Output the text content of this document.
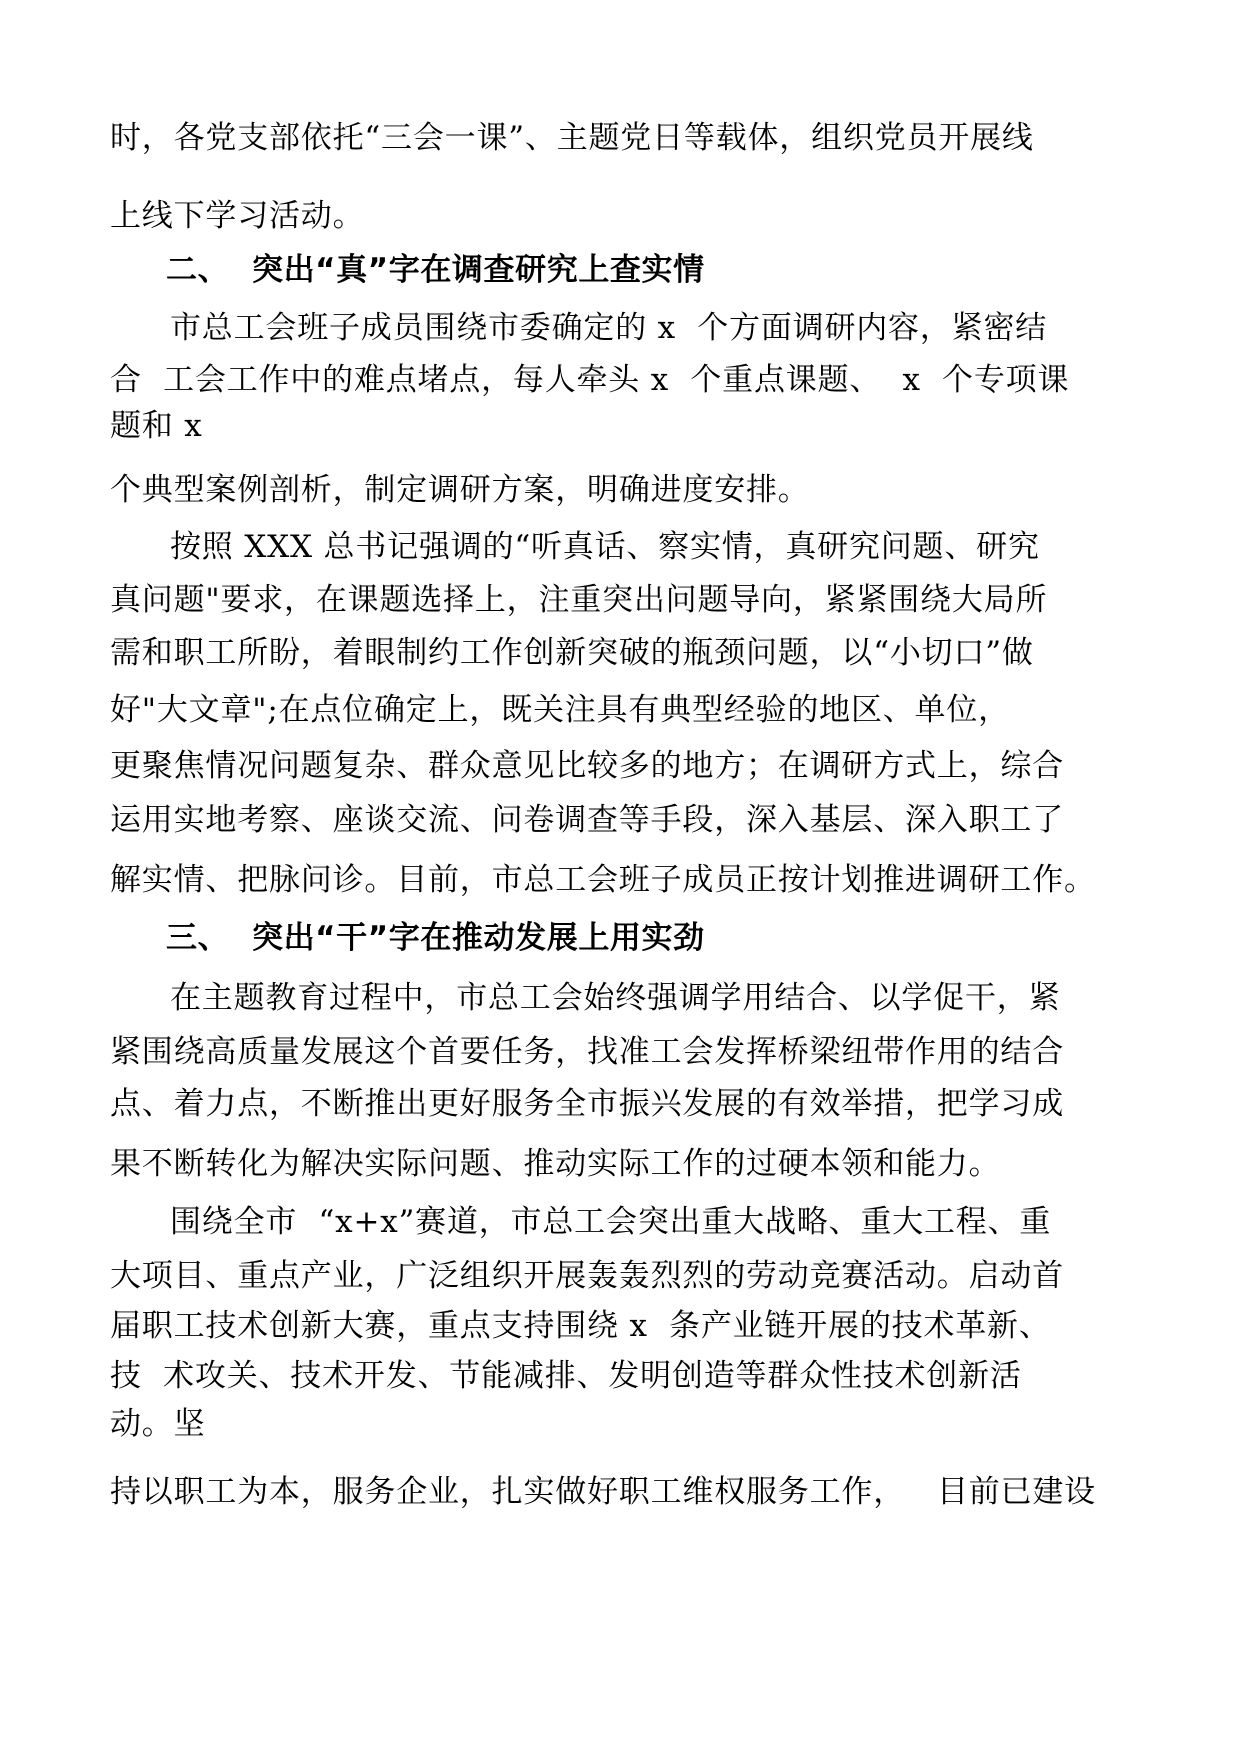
时，各党支部依托“三会一课”、主题党日等载体，组织党员开展线

上线下学习活动。

二、  突出“真”字在调查研究上查实情

市总工会班子成员围绕市委确定的 x  个方面调研内容，紧密结

合  工会工作中的难点堵点，每人牵头 x  个重点课题、  x  个专项课

题和 x

个典型案例剖析，制定调研方案，明确进度安排。

按照 XXX 总书记强调的“听真话、察实情，真研究问题、研究

真问题"要求，在课题选择上，注重突出问题导向，紧紧围绕大局所

需和职工所盼，着眼制约工作创新突破的瓶颈问题，以“小切口”做

好"大文章";在点位确定上，既关注具有典型经验的地区、单位，

更聚焦情况问题复杂、群众意见比较多的地方；在调研方式上，综合

运用实地考察、座谈交流、问卷调查等手段，深入基层、深入职工了

解实情、把脉问诊。目前，市总工会班子成员正按计划推进调研工作。

三、  突出“干”字在推动发展上用实劲

在主题教育过程中，市总工会始终强调学用结合、以学促干，紧

紧围绕高质量发展这个首要任务，找准工会发挥桥梁纽带作用的结合

点、着力点，不断推出更好服务全市振兴发展的有效举措，把学习成

果不断转化为解决实际问题、推动实际工作的过硬本领和能力。

围绕全市  “x+x”赛道，市总工会突出重大战略、重大工程、重

大项目、重点产业，广泛组织开展轰轰烈烈的劳动竞赛活动。启动首

届职工技术创新大赛，重点支持围绕 x  条产业链开展的技术革新、

技  术攻关、技术开发、节能减排、发明创造等群众性技术创新活

动。坚

持以职工为本，服务企业，扎实做好职工维权服务工作，   目前已建设
